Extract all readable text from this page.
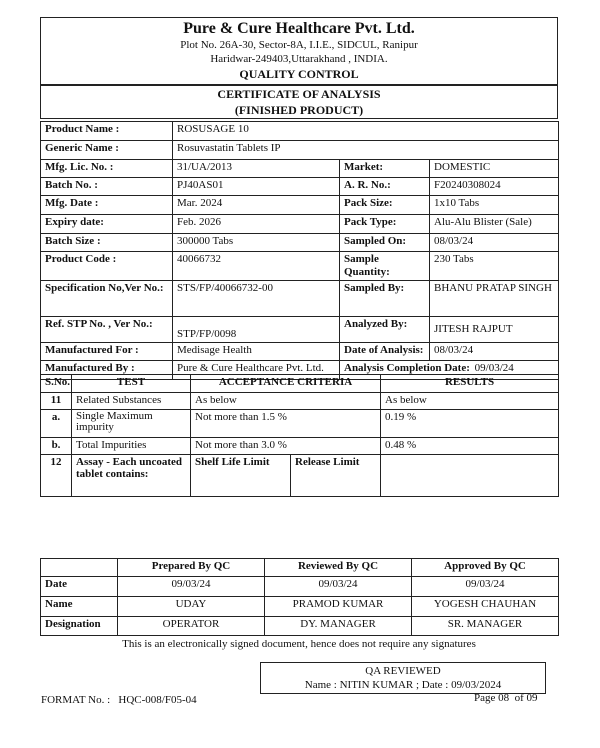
Pure & Cure Healthcare Pvt. Ltd.
Plot No. 26A-30, Sector-8A, I.I.E., SIDCUL, Ranipur
Haridwar-249403,Uttarakhand , INDIA.
QUALITY CONTROL
CERTIFICATE OF ANALYSIS
(FINISHED PRODUCT)
Product Name :	ROSUSAGE 10		
Generic Name :	Rosuvastatin Tablets IP		
Mfg. Lic. No. :	31/UA/2013	Market:	DOMESTIC
Batch No. :	PJ40AS01	A. R. No.:	F20240308024
Mfg. Date :	Mar. 2024	Pack Size:	1x10 Tabs
Expiry date:	Feb. 2026	Pack Type:	Alu-Alu Blister (Sale)
Batch Size :	300000 Tabs	Sampled On:	08/03/24
Product Code :	40066732	Sample Quantity:	230 Tabs
Specification No,Ver No.:	STS/FP/40066732-00	Sampled By:	BHANU PRATAP SINGH
Ref. STP No. , Ver No.:	STP/FP/0098	Analyzed By:	JITESH RAJPUT
Manufactured For :	Medisage Health	Date of Analysis:	08/03/24
Manufactured By :	Pure & Cure Healthcare Pvt. Ltd.	Analysis Completion Date: 09/03/24	
S.No.	TEST	ACCEPTANCE CRITERIA		RESULTS
11	Related Substances	As below		As below
a.	Single Maximum impurity	Not more than 1.5 %		0.19 %
b.	Total Impurities	Not more than 3.0 %		0.48 %
12	Assay - Each uncoated tablet contains:	Shelf Life Limit	Release Limit	
	Prepared By QC	Reviewed By QC	Approved By QC
Date	09/03/24	09/03/24	09/03/24
Name	UDAY	PRAMOD KUMAR	YOGESH CHAUHAN
Designation	OPERATOR	DY. MANAGER	SR. MANAGER
This is an electronically signed document, hence does not require any signatures
QA REVIEWED
Name : NITIN KUMAR ; Date : 09/03/2024
FORMAT No. :   HQC-008/F05-04	Page 08  of 09
